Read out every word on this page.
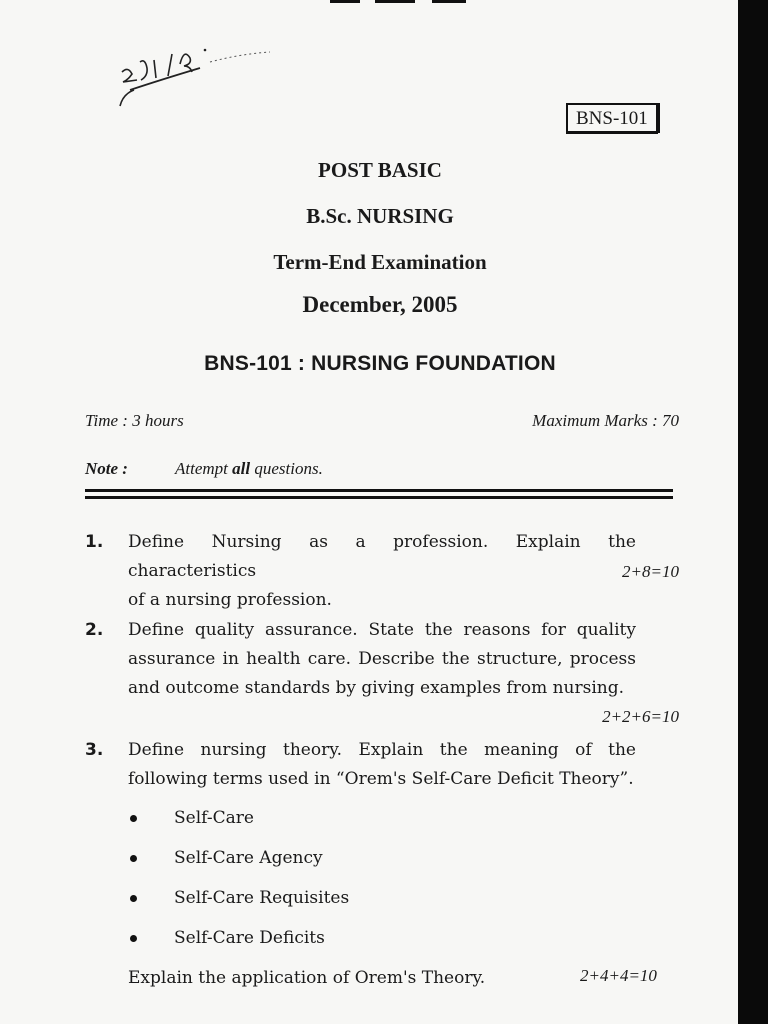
BNS-101
POST BASIC
B.Sc. NURSING
Term-End Examination
December, 2005
BNS-101 : NURSING FOUNDATION
Time : 3 hours	Maximum Marks : 70
Note :	Attempt all questions.
1. Define Nursing as a profession. Explain the characteristics
of a nursing profession.
2+8=10
2. Define quality assurance. State the reasons for quality
assurance in health care. Describe the structure, process
and outcome standards by giving examples from nursing.
2+2+6=10
3. Define nursing theory. Explain the meaning of the
following terms used in “Orem's Self-Care Deficit Theory”.
Self-Care
Self-Care Agency
Self-Care Requisites
Self-Care Deficits
Explain the application of Orem's Theory.	2+4+4=10
